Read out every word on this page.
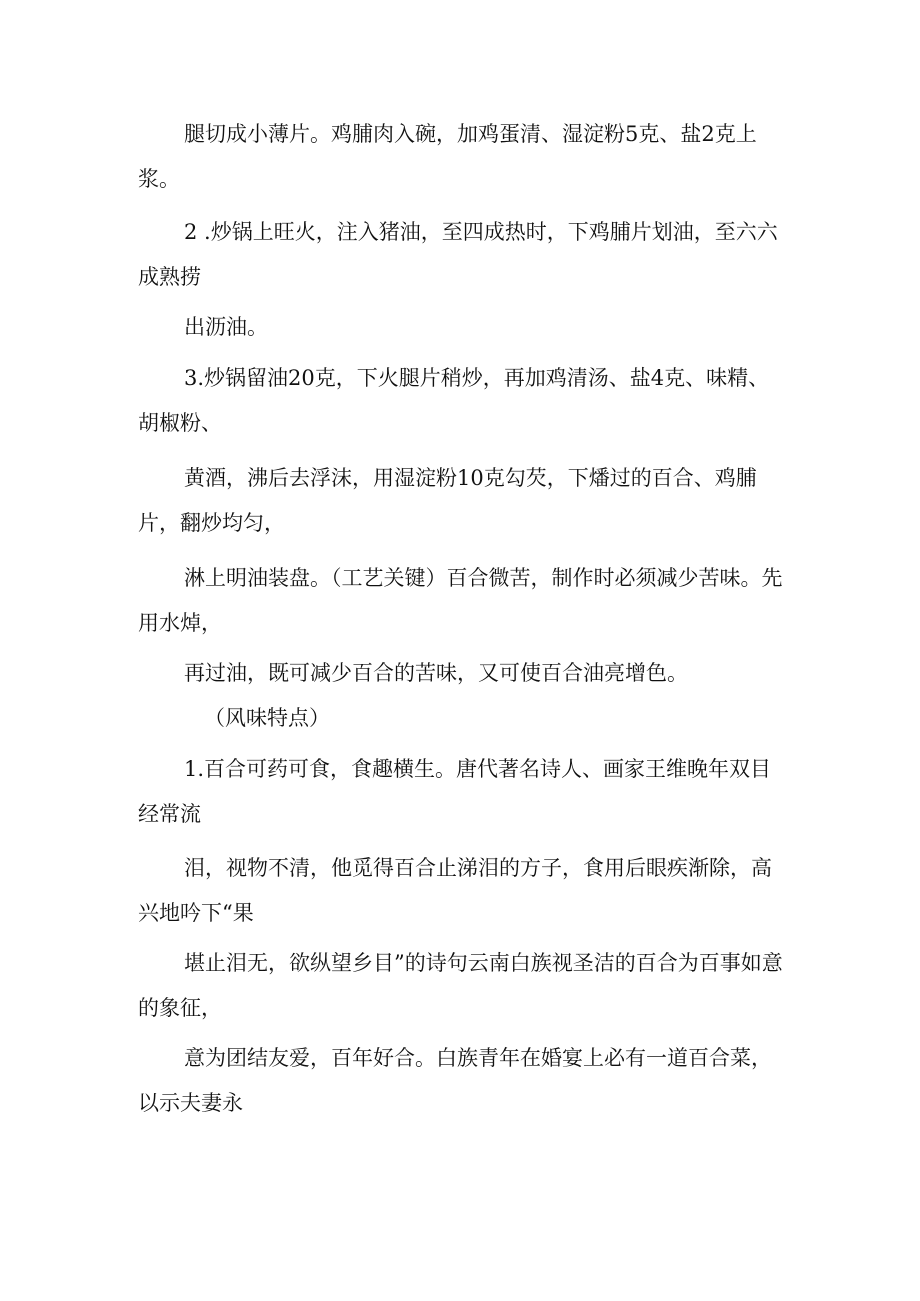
腿切成小薄片。鸡脯肉入碗，加鸡蛋清、湿淀粉5克、盐2克上浆。

2 .炒锅上旺火，注入猪油，至四成热时，下鸡脯片划油，至六六成熟捞

出沥油。

3.炒锅留油20克，下火腿片稍炒，再加鸡清汤、盐4克、味精、胡椒粉、

黄酒，沸后去浮沫，用湿淀粉10克勾芡，下燔过的百合、鸡脯片，翻炒均匀，

淋上明油装盘。（工艺关键）百合微苦，制作时必须减少苦味。先用水焯，

再过油，既可减少百合的苦味，又可使百合油亮增色。

（风味特点）

1.百合可药可食，食趣横生。唐代著名诗人、画家王维晚年双目经常流

泪，视物不清，他觅得百合止涕泪的方子，食用后眼疾渐除，高兴地吟下“果

堪止泪无，欲纵望乡目”的诗句云南白族视圣洁的百合为百事如意的象征，

意为团结友爱，百年好合。白族青年在婚宴上必有一道百合菜，以示夫妻永
